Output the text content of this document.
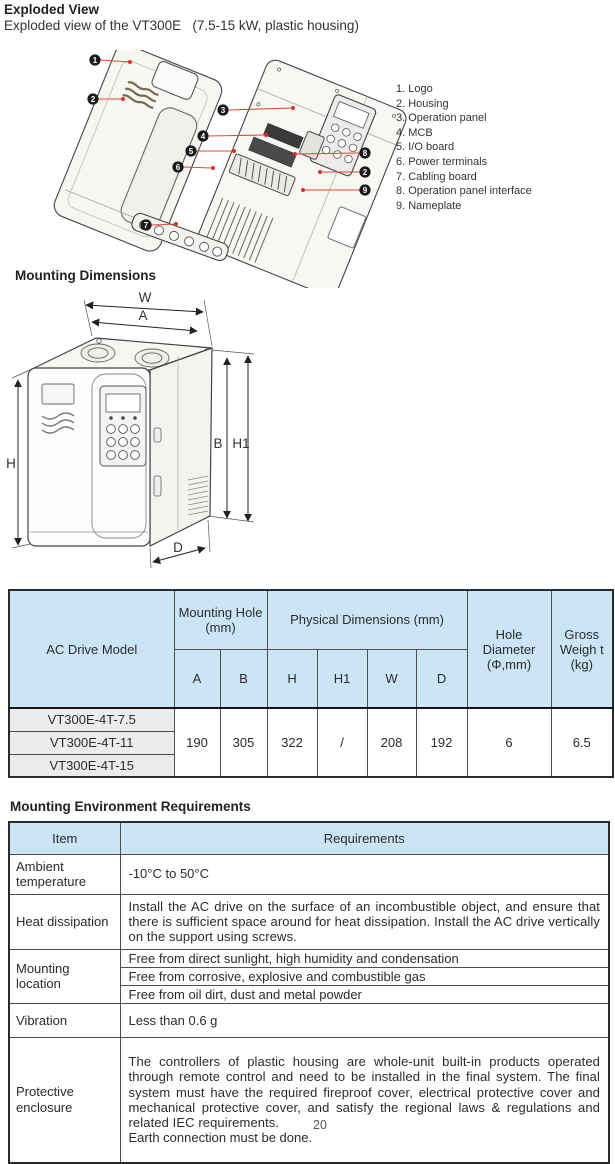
Exploded View
Exploded view of the VT300E   (7.5-15 kW, plastic housing)
1
2
3
4
5
6
7
8
2
9
1. Logo
2. Housing
3. Operation panel
4. MCB
5. I/O board
6. Power terminals
7. Cabling board
8. Operation panel interface
9. Nameplate
Mounting Dimensions
W
A
B H1
H
D
AC Drive Model	Mounting Hole (mm)		Physical Dimensions (mm)				Hole Diameter (Φ,mm)	Gross Weigh t (kg)
	A	B	H	H1	W	D		
VT300E-4T-7.5	190	305	322	/	208	192	6	6.5
VT300E-4T-11								
VT300E-4T-15								
Mounting Environment Requirements
Item	Requirements
Ambient temperature	-10°C to 50°C
Heat dissipation	Install the AC drive on the surface of an incombustible object, and ensure that there is sufficient space around for heat dissipation. Install the AC drive vertically on the support using screws.
Mounting location	Free from direct sunlight, high humidity and condensation
	Free from corrosive, explosive and combustible gas
	Free from oil dirt, dust and metal powder
Vibration	Less than 0.6 g
Protective enclosure	The controllers of plastic housing are whole-unit built-in products operated through remote control and need to be installed in the final system. The final system must have the required fireproof cover, electrical protective cover and mechanical protective cover, and satisfy the regional laws & regulations and related IEC requirements.
Earth connection must be done.
20
